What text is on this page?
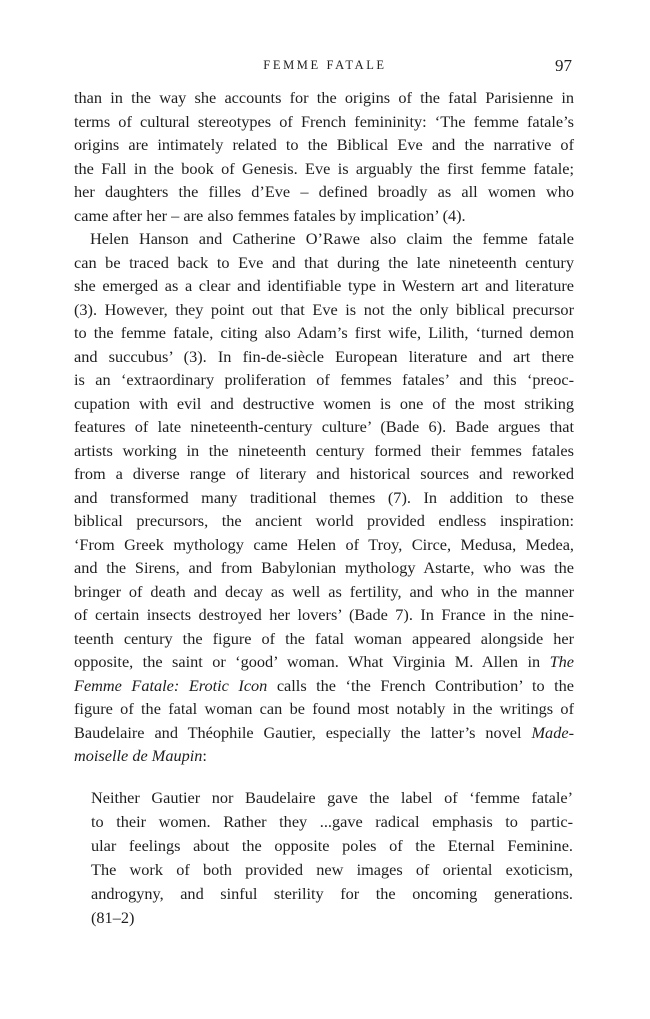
FEMME FATALE	97
than in the way she accounts for the origins of the fatal Parisienne in
terms of cultural stereotypes of French femininity: ‘The femme fatale’s
origins are intimately related to the Biblical Eve and the narrative of
the Fall in the book of Genesis. Eve is arguably the first femme fatale;
her daughters the filles d’Eve – defined broadly as all women who
came after her – are also femmes fatales by implication’ (4).
Helen Hanson and Catherine O’Rawe also claim the femme fatale
can be traced back to Eve and that during the late nineteenth century
she emerged as a clear and identifiable type in Western art and literature
(3). However, they point out that Eve is not the only biblical precursor
to the femme fatale, citing also Adam’s first wife, Lilith, ‘turned demon
and succubus’ (3). In fin-de-siècle European literature and art there
is an ‘extraordinary proliferation of femmes fatales’ and this ‘preoc-
cupation with evil and destructive women is one of the most striking
features of late nineteenth-century culture’ (Bade 6). Bade argues that
artists working in the nineteenth century formed their femmes fatales
from a diverse range of literary and historical sources and reworked
and transformed many traditional themes (7). In addition to these
biblical precursors, the ancient world provided endless inspiration:
‘From Greek mythology came Helen of Troy, Circe, Medusa, Medea,
and the Sirens, and from Babylonian mythology Astarte, who was the
bringer of death and decay as well as fertility, and who in the manner
of certain insects destroyed her lovers’ (Bade 7). In France in the nine-
teenth century the figure of the fatal woman appeared alongside her
opposite, the saint or ‘good’ woman. What Virginia M. Allen in The
Femme Fatale: Erotic Icon calls the ‘the French Contribution’ to the
figure of the fatal woman can be found most notably in the writings of
Baudelaire and Théophile Gautier, especially the latter’s novel Made-
moiselle de Maupin:
Neither Gautier nor Baudelaire gave the label of ‘femme fatale’
to their women. Rather they ...gave radical emphasis to partic-
ular feelings about the opposite poles of the Eternal Feminine.
The work of both provided new images of oriental exoticism,
androgyny, and sinful sterility for the oncoming generations.
(81–2)
